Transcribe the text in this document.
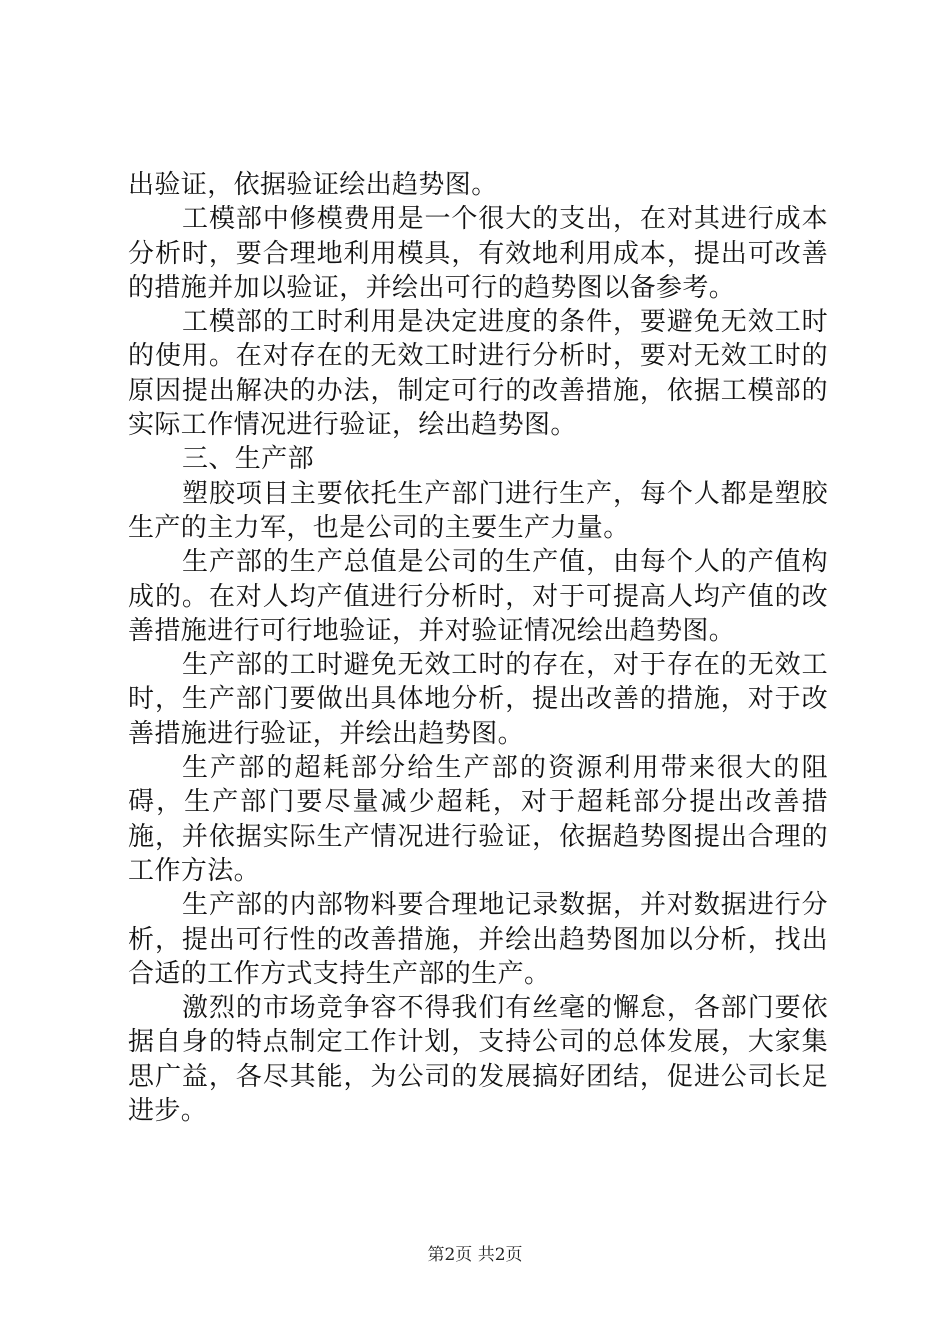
出验证，依据验证绘出趋势图。

工模部中修模费用是一个很大的支出，在对其进行成本分析时，要合理地利用模具，有效地利用成本，提出可改善的措施并加以验证，并绘出可行的趋势图以备参考。

工模部的工时利用是决定进度的条件，要避免无效工时的使用。在对存在的无效工时进行分析时，要对无效工时的原因提出解决的办法，制定可行的改善措施，依据工模部的实际工作情况进行验证，绘出趋势图。

三、生产部

塑胶项目主要依托生产部门进行生产，每个人都是塑胶生产的主力军，也是公司的主要生产力量。

生产部的生产总值是公司的生产值，由每个人的产值构成的。在对人均产值进行分析时，对于可提高人均产值的改善措施进行可行地验证，并对验证情况绘出趋势图。

生产部的工时避免无效工时的存在，对于存在的无效工时，生产部门要做出具体地分析，提出改善的措施，对于改善措施进行验证，并绘出趋势图。

生产部的超耗部分给生产部的资源利用带来很大的阻碍，生产部门要尽量减少超耗，对于超耗部分提出改善措施，并依据实际生产情况进行验证，依据趋势图提出合理的工作方法。

生产部的内部物料要合理地记录数据，并对数据进行分析，提出可行性的改善措施，并绘出趋势图加以分析，找出合适的工作方式支持生产部的生产。

激烈的市场竞争容不得我们有丝毫的懈怠，各部门要依据自身的特点制定工作计划，支持公司的总体发展，大家集思广益，各尽其能，为公司的发展搞好团结，促进公司长足进步。

第2页 共2页
